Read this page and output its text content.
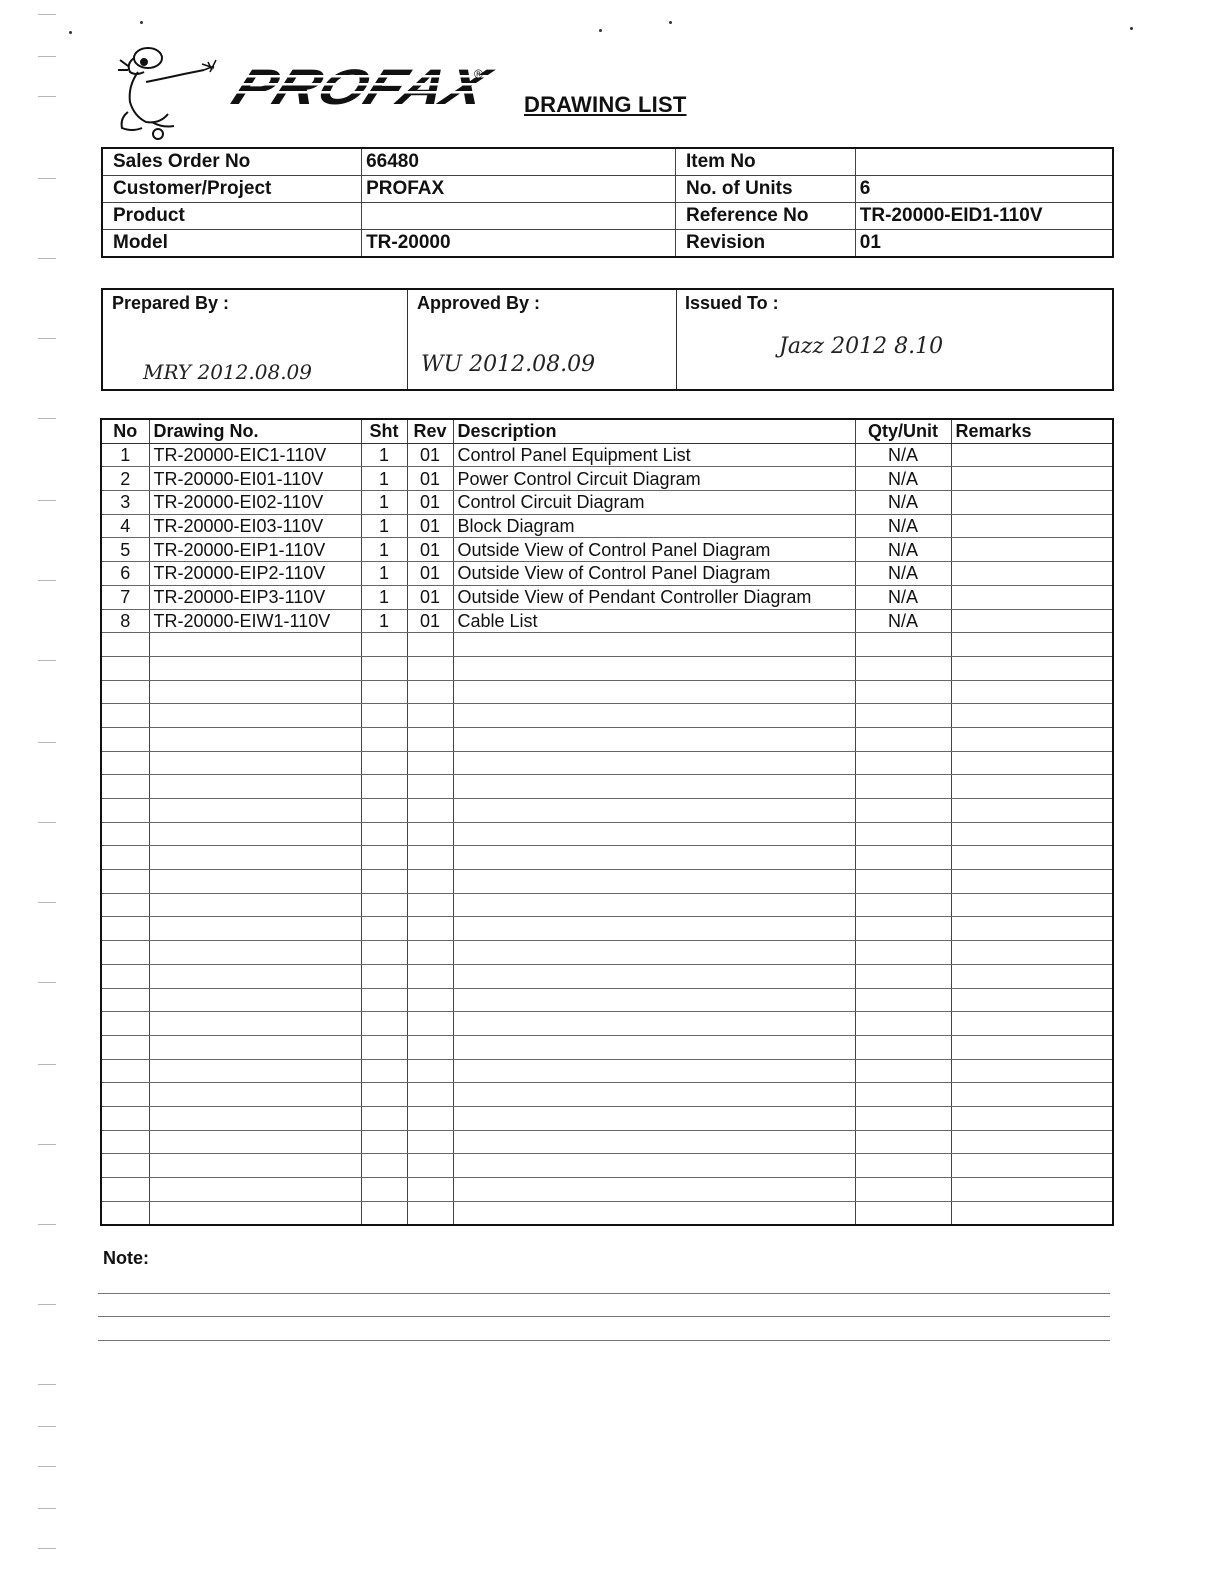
PROFAX	®
DRAWING LIST
Sales Order No	66480	Item No	
Customer/Project	PROFAX	No. of Units	6
Product		Reference No	TR-20000-EID1-110V
Model	TR-20000	Revision	01
Prepared By :	Approved By :	Issued To :
MRY 2012.08.09	WU 2012.08.09
Jazz 2012 8.10
No	Drawing No.	Sht	Rev	Description	Qty/Unit	Remarks
1	TR-20000-EIC1-110V	1	01	Control Panel Equipment List	N/A	
2	TR-20000-EI01-110V	1	01	Power Control Circuit Diagram	N/A	
3	TR-20000-EI02-110V	1	01	Control Circuit Diagram	N/A	
4	TR-20000-EI03-110V	1	01	Block Diagram	N/A	
5	TR-20000-EIP1-110V	1	01	Outside View of Control Panel Diagram	N/A	
6	TR-20000-EIP2-110V	1	01	Outside View of Control Panel Diagram	N/A	
7	TR-20000-EIP3-110V	1	01	Outside View of Pendant Controller Diagram	N/A	
8	TR-20000-EIW1-110V	1	01	Cable List	N/A	

Note:
